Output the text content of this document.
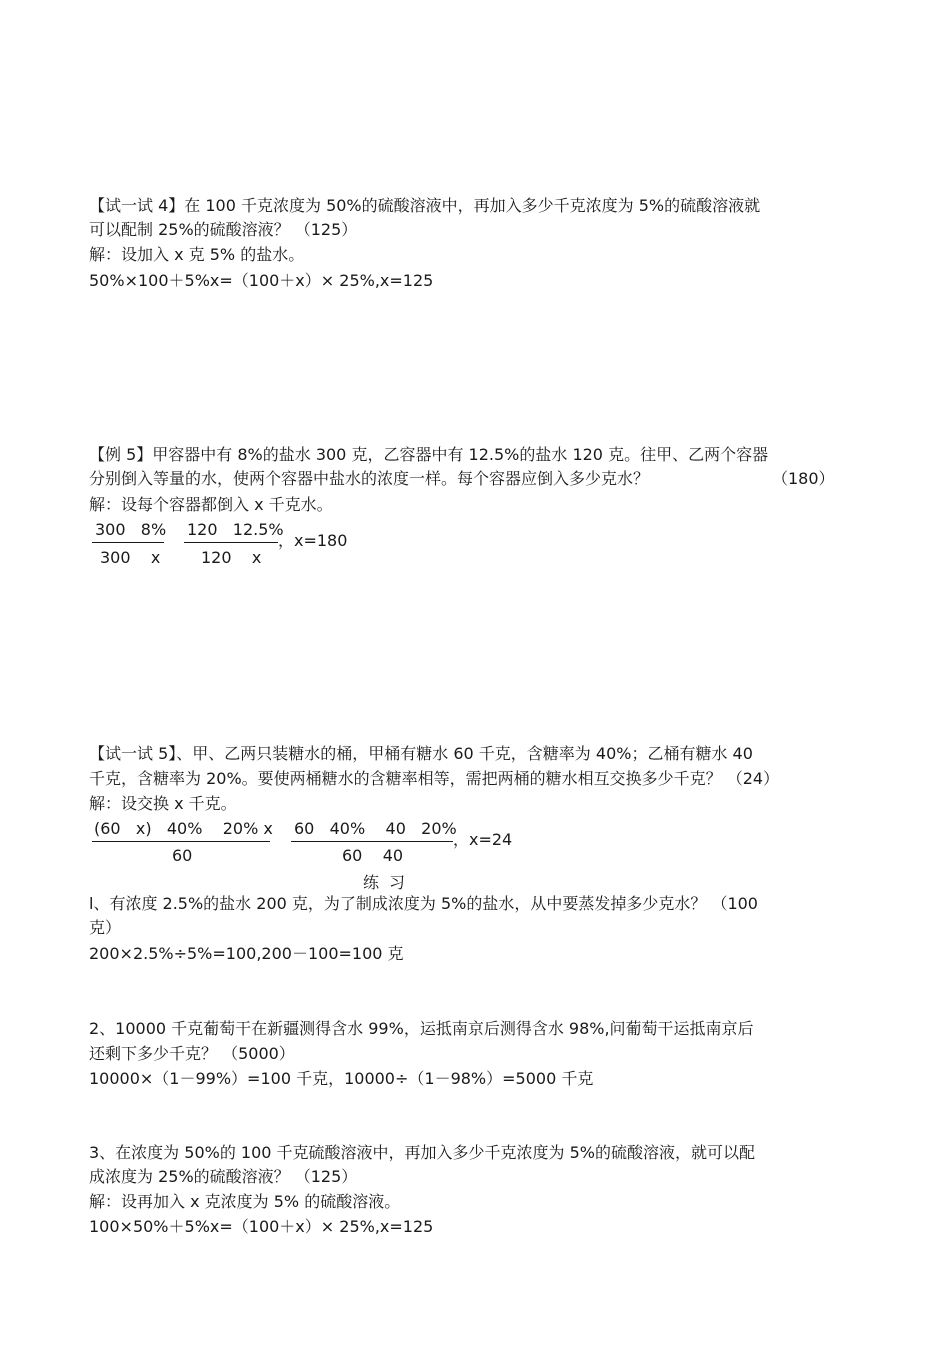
【试一试 4】在 100 千克浓度为 50%的硫酸溶液中，再加入多少千克浓度为 5%的硫酸溶液就
可以配制 25%的硫酸溶液？ （125）
解：设加入 x 克 5% 的盐水。
50%×100＋5%x=（100＋x）× 25%,x=125
【例 5】甲容器中有 8%的盐水 300 克，乙容器中有 12.5%的盐水 120 克。往甲、乙两个容器
分别倒入等量的水，使两个容器中盐水的浓度一样。每个容器应倒入多少克水？	（180）
解：设每个容器都倒入 x 千克水。
300   8%
300    x
120   12.5%
120    x
，x=180
【试一试 5】、甲、乙两只装糖水的桶，甲桶有糖水 60 千克，含糖率为 40%；乙桶有糖水 40
千克，含糖率为 20%。要使两桶糖水的含糖率相等，需把两桶的糖水相互交换多少千克？ （24）
解：设交换 x 千克。
(60   x)   40%    20% x
60
60   40%    40   20%
60    40
，x=24
练习
l、有浓度 2.5%的盐水 200 克，为了制成浓度为 5%的盐水，从中要蒸发掉多少克水？ （100
克）
200×2.5%÷5%=100,200－100=100 克
2、10000 千克葡萄干在新疆测得含水 99%，运抵南京后测得含水 98%,问葡萄干运抵南京后
还剩下多少千克？ （5000）
10000×（1－99%）=100 千克，10000÷（1－98%）=5000 千克
3、在浓度为 50%的 100 千克硫酸溶液中，再加入多少千克浓度为 5%的硫酸溶液，就可以配
成浓度为 25%的硫酸溶液？ （125）
解：设再加入 x 克浓度为 5% 的硫酸溶液。
100×50%＋5%x=（100＋x）× 25%,x=125
